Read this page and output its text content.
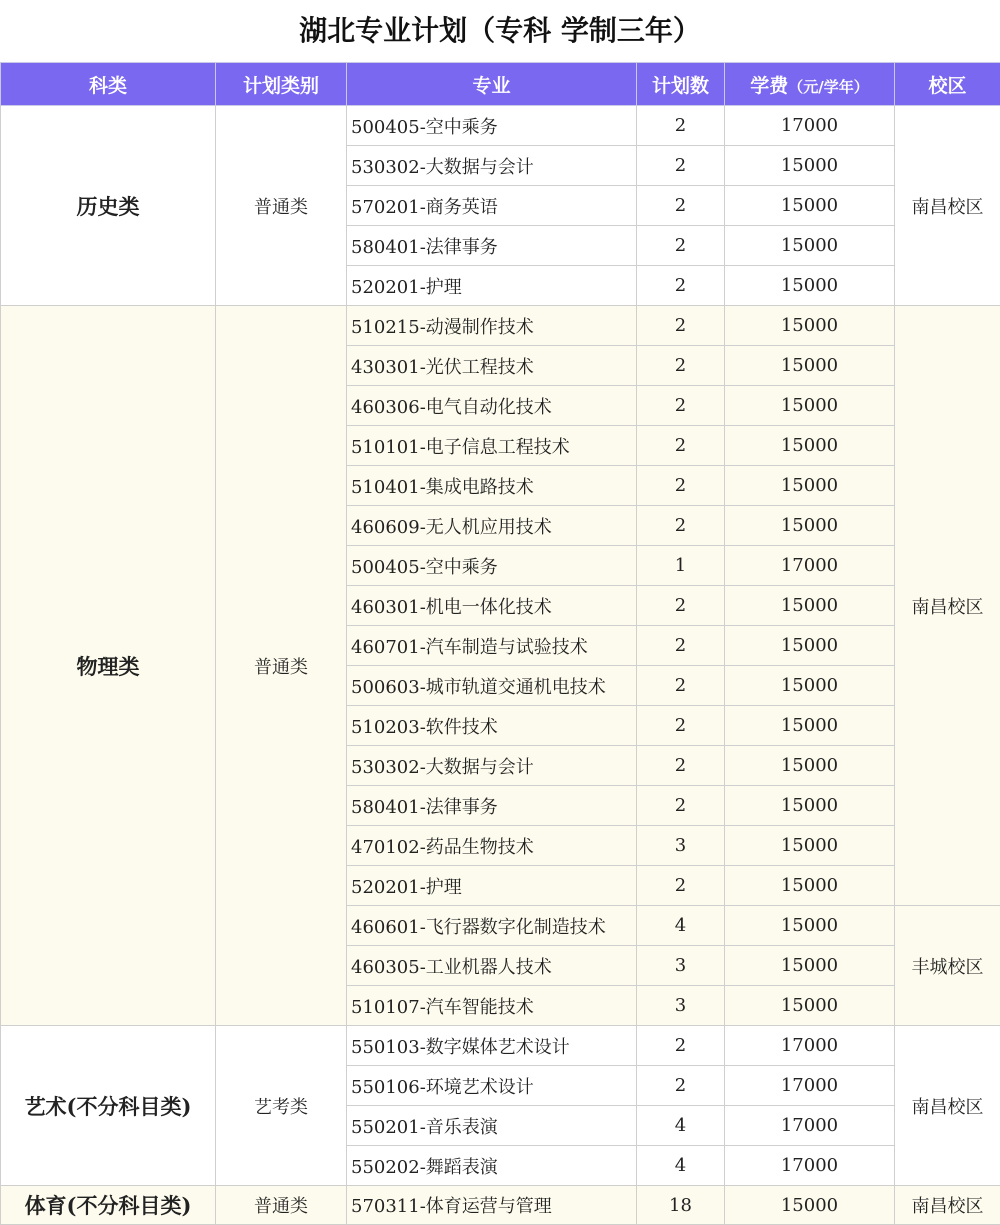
湖北专业计划（专科 学制三年）
科类	计划类别	专业	计划数	学费（元/学年）	校区
历史类	普通类	500405-空中乘务	2	17000	南昌校区
		530302-大数据与会计	2	15000	
		570201-商务英语	2	15000	
		580401-法律事务	2	15000	
		520201-护理	2	15000	
物理类	普通类	510215-动漫制作技术	2	15000	南昌校区
		430301-光伏工程技术	2	15000	
		460306-电气自动化技术	2	15000	
		510101-电子信息工程技术	2	15000	
		510401-集成电路技术	2	15000	
		460609-无人机应用技术	2	15000	
		500405-空中乘务	1	17000	
		460301-机电一体化技术	2	15000	
		460701-汽车制造与试验技术	2	15000	
		500603-城市轨道交通机电技术	2	15000	
		510203-软件技术	2	15000	
		530302-大数据与会计	2	15000	
		580401-法律事务	2	15000	
		470102-药品生物技术	3	15000	
		520201-护理	2	15000	
		460601-飞行器数字化制造技术	4	15000	丰城校区
		460305-工业机器人技术	3	15000	
		510107-汽车智能技术	3	15000	
艺术(不分科目类)	艺考类	550103-数字媒体艺术设计	2	17000	南昌校区
		550106-环境艺术设计	2	17000	
		550201-音乐表演	4	17000	
		550202-舞蹈表演	4	17000	
体育(不分科目类)	普通类	570311-体育运营与管理	18	15000	南昌校区
